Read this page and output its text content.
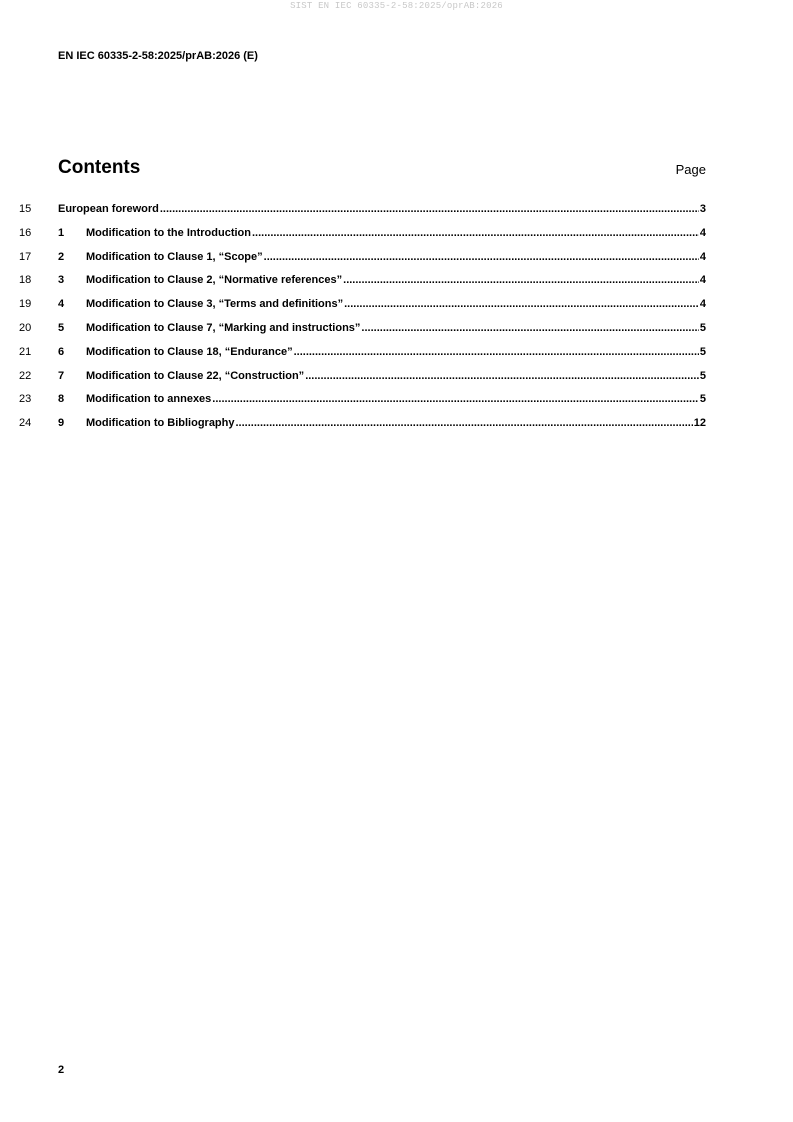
SIST EN IEC 60335-2-58:2025/oprAB:2026
EN IEC 60335-2-58:2025/prAB:2026 (E)
Contents	Page
15	European foreword .....	3
16	1	Modification to the Introduction .....	4
17	2	Modification to Clause 1, “Scope” .....	4
18	3	Modification to Clause 2, “Normative references” .....	4
19	4	Modification to Clause 3, “Terms and definitions” .....	4
20	5	Modification to Clause 7, “Marking and instructions” .....	5
21	6	Modification to Clause 18, “Endurance” .....	5
22	7	Modification to Clause 22, “Construction” .....	5
23	8	Modification to annexes .....	5
24	9	Modification to Bibliography .....	12
2
